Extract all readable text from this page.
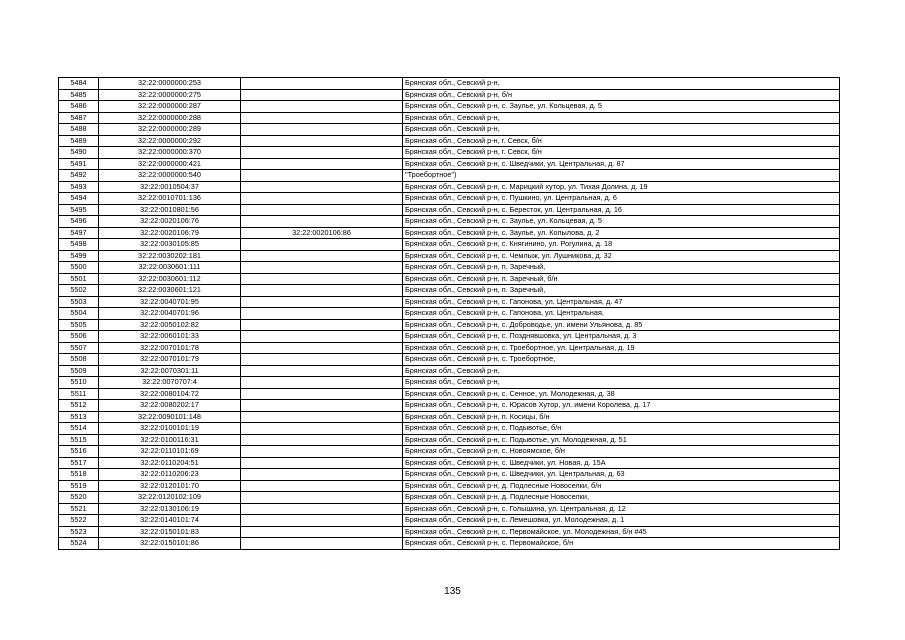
5484	32:22:0000000:253		Брянская обл., Севский р-н,
5485	32:22:0000000:275		Брянская обл., Севский р-н, б/н
5486	32:22:0000000:287		Брянская обл., Севский р-н, с. Заулье, ул. Кольцевая, д. 5
5487	32:22:0000000:288		Брянская обл., Севский р-н,
5488	32:22:0000000:289		Брянская обл., Севский р-н,
5489	32:22:0000000:292		Брянская обл., Севский р-н, г. Севск, б/н
5490	32:22:0000000:370		Брянская обл., Севский р-н, г. Севск, б/н
5491	32:22:0000000:421		Брянская обл., Севский р-н, с. Шведчики, ул. Центральная, д. 87
5492	32:22:0000000:540		"Троебортное")
5493	32:22:0010504:37		Брянская обл., Севский р-н, с. Марицкий хутор, ул. Тихая Долина, д. 19
5494	32:22:0010701:136		Брянская обл., Севский р-н, с. Пушкино, ул. Центральная, д. 6
5495	32:22:0010801:56		Брянская обл., Севский р-н, с. Бересток, ул. Центральная, д. 16
5496	32:22:0020106:76		Брянская обл., Севский р-н, с. Заулье, ул. Кольцевая, д. 5
5497	32:22:0020106:79	32:22:0020106:86	Брянская обл., Севский р-н, с. Заулье, ул. Копылова, д. 2
5498	32:22:0030105:85		Брянская обл., Севский р-н, с. Княгинино, ул. Рогулина, д. 18
5499	32:22:0030202:181		Брянская обл., Севский р-н, с. Чемлыж, ул. Лушникова, д. 32
5500	32:22:0030601:111		Брянская обл., Севский р-н, п. Заречный,
5501	32:22:0030601:112		Брянская обл., Севский р-н, п. Заречный, б/н
5502	32:22:0030601:121		Брянская обл., Севский р-н, п. Заречный,
5503	32:22:0040701:95		Брянская обл., Севский р-н, с. Гапонова, ул. Центральная, д. 47
5504	32:22:0040701:96		Брянская обл., Севский р-н, с. Гапонова, ул. Центральная,
5505	32:22:0050102:82		Брянская обл., Севский р-н, с. Доброводье, ул. имени Ульянова, д. 85
5506	32:22:0060101:33		Брянская обл., Севский р-н, с. Позднявшовка, ул. Центральная, д. 3
5507	32:22:0070101:78		Брянская обл., Севский р-н, с. Троебортное, ул. Центральная, д. 19
5508	32:22:0070101:79		Брянская обл., Севский р-н, с. Троебортное,
5509	32:22:0070301:11		Брянская обл., Севский р-н,
5510	32:22:0070707:4		Брянская обл., Севский р-н,
5511	32:22:0080104:72		Брянская обл., Севский р-н, с. Сенное, ул. Молодежная, д. 38
5512	32:22:0080202:17		Брянская обл., Севский р-н, с. Юрасов Хутор, ул. имени Королева, д. 17
5513	32:22:0090101:148		Брянская обл., Севский р-н, п. Косицы, б/н
5514	32:22:0100101:19		Брянская обл., Севский р-н, с. Подывотье, б/н
5515	32:22:0100116:31		Брянская обл., Севский р-н, с. Подывотье, ул. Молодежная, д. 51
5516	32:22:0110101:69		Брянская обл., Севский р-н, с. Новоямское, б/н
5517	32:22:0110204:51		Брянская обл., Севский р-н, с. Шведчики, ул. Новая, д. 15А
5518	32:22:0110206:23		Брянская обл., Севский р-н, с. Шведчики, ул. Центральная, д. 63
5519	32:22:0120101:70		Брянская обл., Севский р-н, д. Подлесные Новоселки, б/н
5520	32:22:0120102:109		Брянская обл., Севский р-н, д. Подлесные Новоселки,
5521	32:22:0130106:19		Брянская обл., Севский р-н, с. Голышина, ул. Центральная, д. 12
5522	32:22:0140101:74		Брянская обл., Севский р-н, с. Лемешовка, ул. Молодежная, д. 1
5523	32:22:0150101:83		Брянская обл., Севский р-н, с. Первомайское, ул. Молодежная, б/н #45
5524	32:22:0150101:86		Брянская обл., Севский р-н, с. Первомайское, б/н
135
